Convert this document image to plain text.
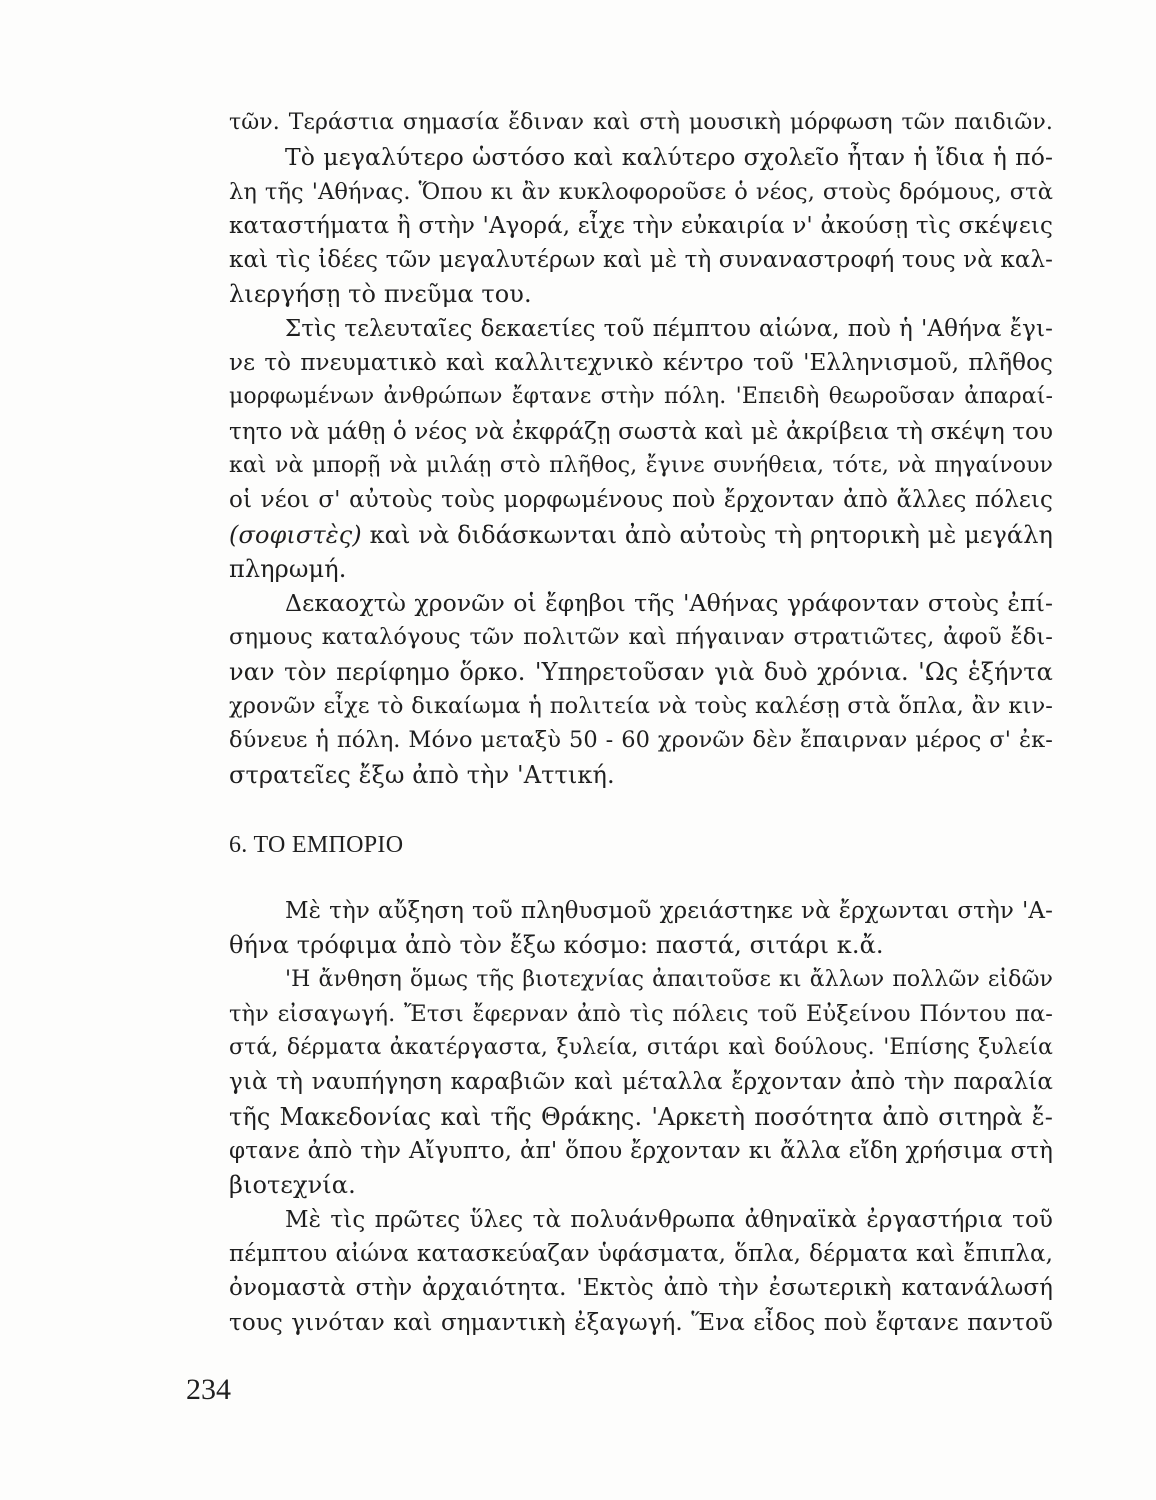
τῶν. Τεράστια σημασία ἔδιναν καὶ στὴ μουσικὴ μόρφωση τῶν παιδιῶν.
Τὸ μεγαλύτερο ὡστόσο καὶ καλύτερο σχολεῖο ἦταν ἡ ἴδια ἡ πό-
λη τῆς 'Αθήνας. Ὅπου κι ἂν κυκλοφοροῦσε ὁ νέος, στοὺς δρόμους, στὰ
καταστήματα ἢ στὴν 'Αγορά, εἶχε τὴν εὐκαιρία ν' ἀκούσῃ τὶς σκέψεις
καὶ τὶς ἰδέες τῶν μεγαλυτέρων καὶ μὲ τὴ συναναστροφή τους νὰ καλ-
λιεργήσῃ τὸ πνεῦμα του.
Στὶς τελευταῖες δεκαετίες τοῦ πέμπτου αἰώνα, ποὺ ἡ 'Αθήνα ἔγι-
νε τὸ πνευματικὸ καὶ καλλιτεχνικὸ κέντρο τοῦ 'Ελληνισμοῦ, πλῆθος
μορφωμένων ἀνθρώπων ἔφτανε στὴν πόλη. 'Επειδὴ θεωροῦσαν ἀπαραί-
τητο νὰ μάθῃ ὁ νέος νὰ ἐκφράζῃ σωστὰ καὶ μὲ ἀκρίβεια τὴ σκέψη του
καὶ νὰ μπορῇ νὰ μιλάῃ στὸ πλῆθος, ἔγινε συνήθεια, τότε, νὰ πηγαίνουν
οἱ νέοι σ' αὐτοὺς τοὺς μορφωμένους ποὺ ἔρχονταν ἀπὸ ἄλλες πόλεις
(σοφιστὲς) καὶ νὰ διδάσκωνται ἀπὸ αὐτοὺς τὴ ρητορικὴ μὲ μεγάλη
πληρωμή.
Δεκαοχτὼ χρονῶν οἱ ἔφηβοι τῆς 'Αθήνας γράφονταν στοὺς ἐπί-
σημους καταλόγους τῶν πολιτῶν καὶ πήγαιναν στρατιῶτες, ἀφοῦ ἔδι-
ναν τὸν περίφημο ὅρκο. 'Υπηρετοῦσαν γιὰ δυὸ χρόνια. 'Ως ἑξήντα
χρονῶν εἶχε τὸ δικαίωμα ἡ πολιτεία νὰ τοὺς καλέσῃ στὰ ὅπλα, ἂν κιν-
δύνευε ἡ πόλη. Μόνο μεταξὺ 50 - 60 χρονῶν δὲν ἔπαιρναν μέρος σ' ἐκ-
στρατεῖες ἔξω ἀπὸ τὴν 'Αττική.
6. ΤΟ ΕΜΠΟΡΙΟ
Μὲ τὴν αὔξηση τοῦ πληθυσμοῦ χρειάστηκε νὰ ἔρχωνται στὴν 'Α-
θήνα τρόφιμα ἀπὸ τὸν ἔξω κόσμο: παστά, σιτάρι κ.ἄ.
'Η ἄνθηση ὅμως τῆς βιοτεχνίας ἀπαιτοῦσε κι ἄλλων πολλῶν εἰδῶν
τὴν εἰσαγωγή. Ἔτσι ἔφερναν ἀπὸ τὶς πόλεις τοῦ Εὐξείνου Πόντου πα-
στά, δέρματα ἀκατέργαστα, ξυλεία, σιτάρι καὶ δούλους. 'Επίσης ξυλεία
γιὰ τὴ ναυπήγηση καραβιῶν καὶ μέταλλα ἔρχονταν ἀπὸ τὴν παραλία
τῆς Μακεδονίας καὶ τῆς Θράκης. 'Αρκετὴ ποσότητα ἀπὸ σιτηρὰ ἔ-
φτανε ἀπὸ τὴν Αἴγυπτο, ἀπ' ὅπου ἔρχονταν κι ἄλλα εἴδη χρήσιμα στὴ
βιοτεχνία.
Μὲ τὶς πρῶτες ὕλες τὰ πολυάνθρωπα ἀθηναϊκὰ ἐργαστήρια τοῦ
πέμπτου αἰώνα κατασκεύαζαν ὑφάσματα, ὅπλα, δέρματα καὶ ἔπιπλα,
ὀνομαστὰ στὴν ἀρχαιότητα. 'Εκτὸς ἀπὸ τὴν ἐσωτερικὴ κατανάλωσή
τους γινόταν καὶ σημαντικὴ ἐξαγωγή. Ἕνα εἶδος ποὺ ἔφτανε παντοῦ
234
